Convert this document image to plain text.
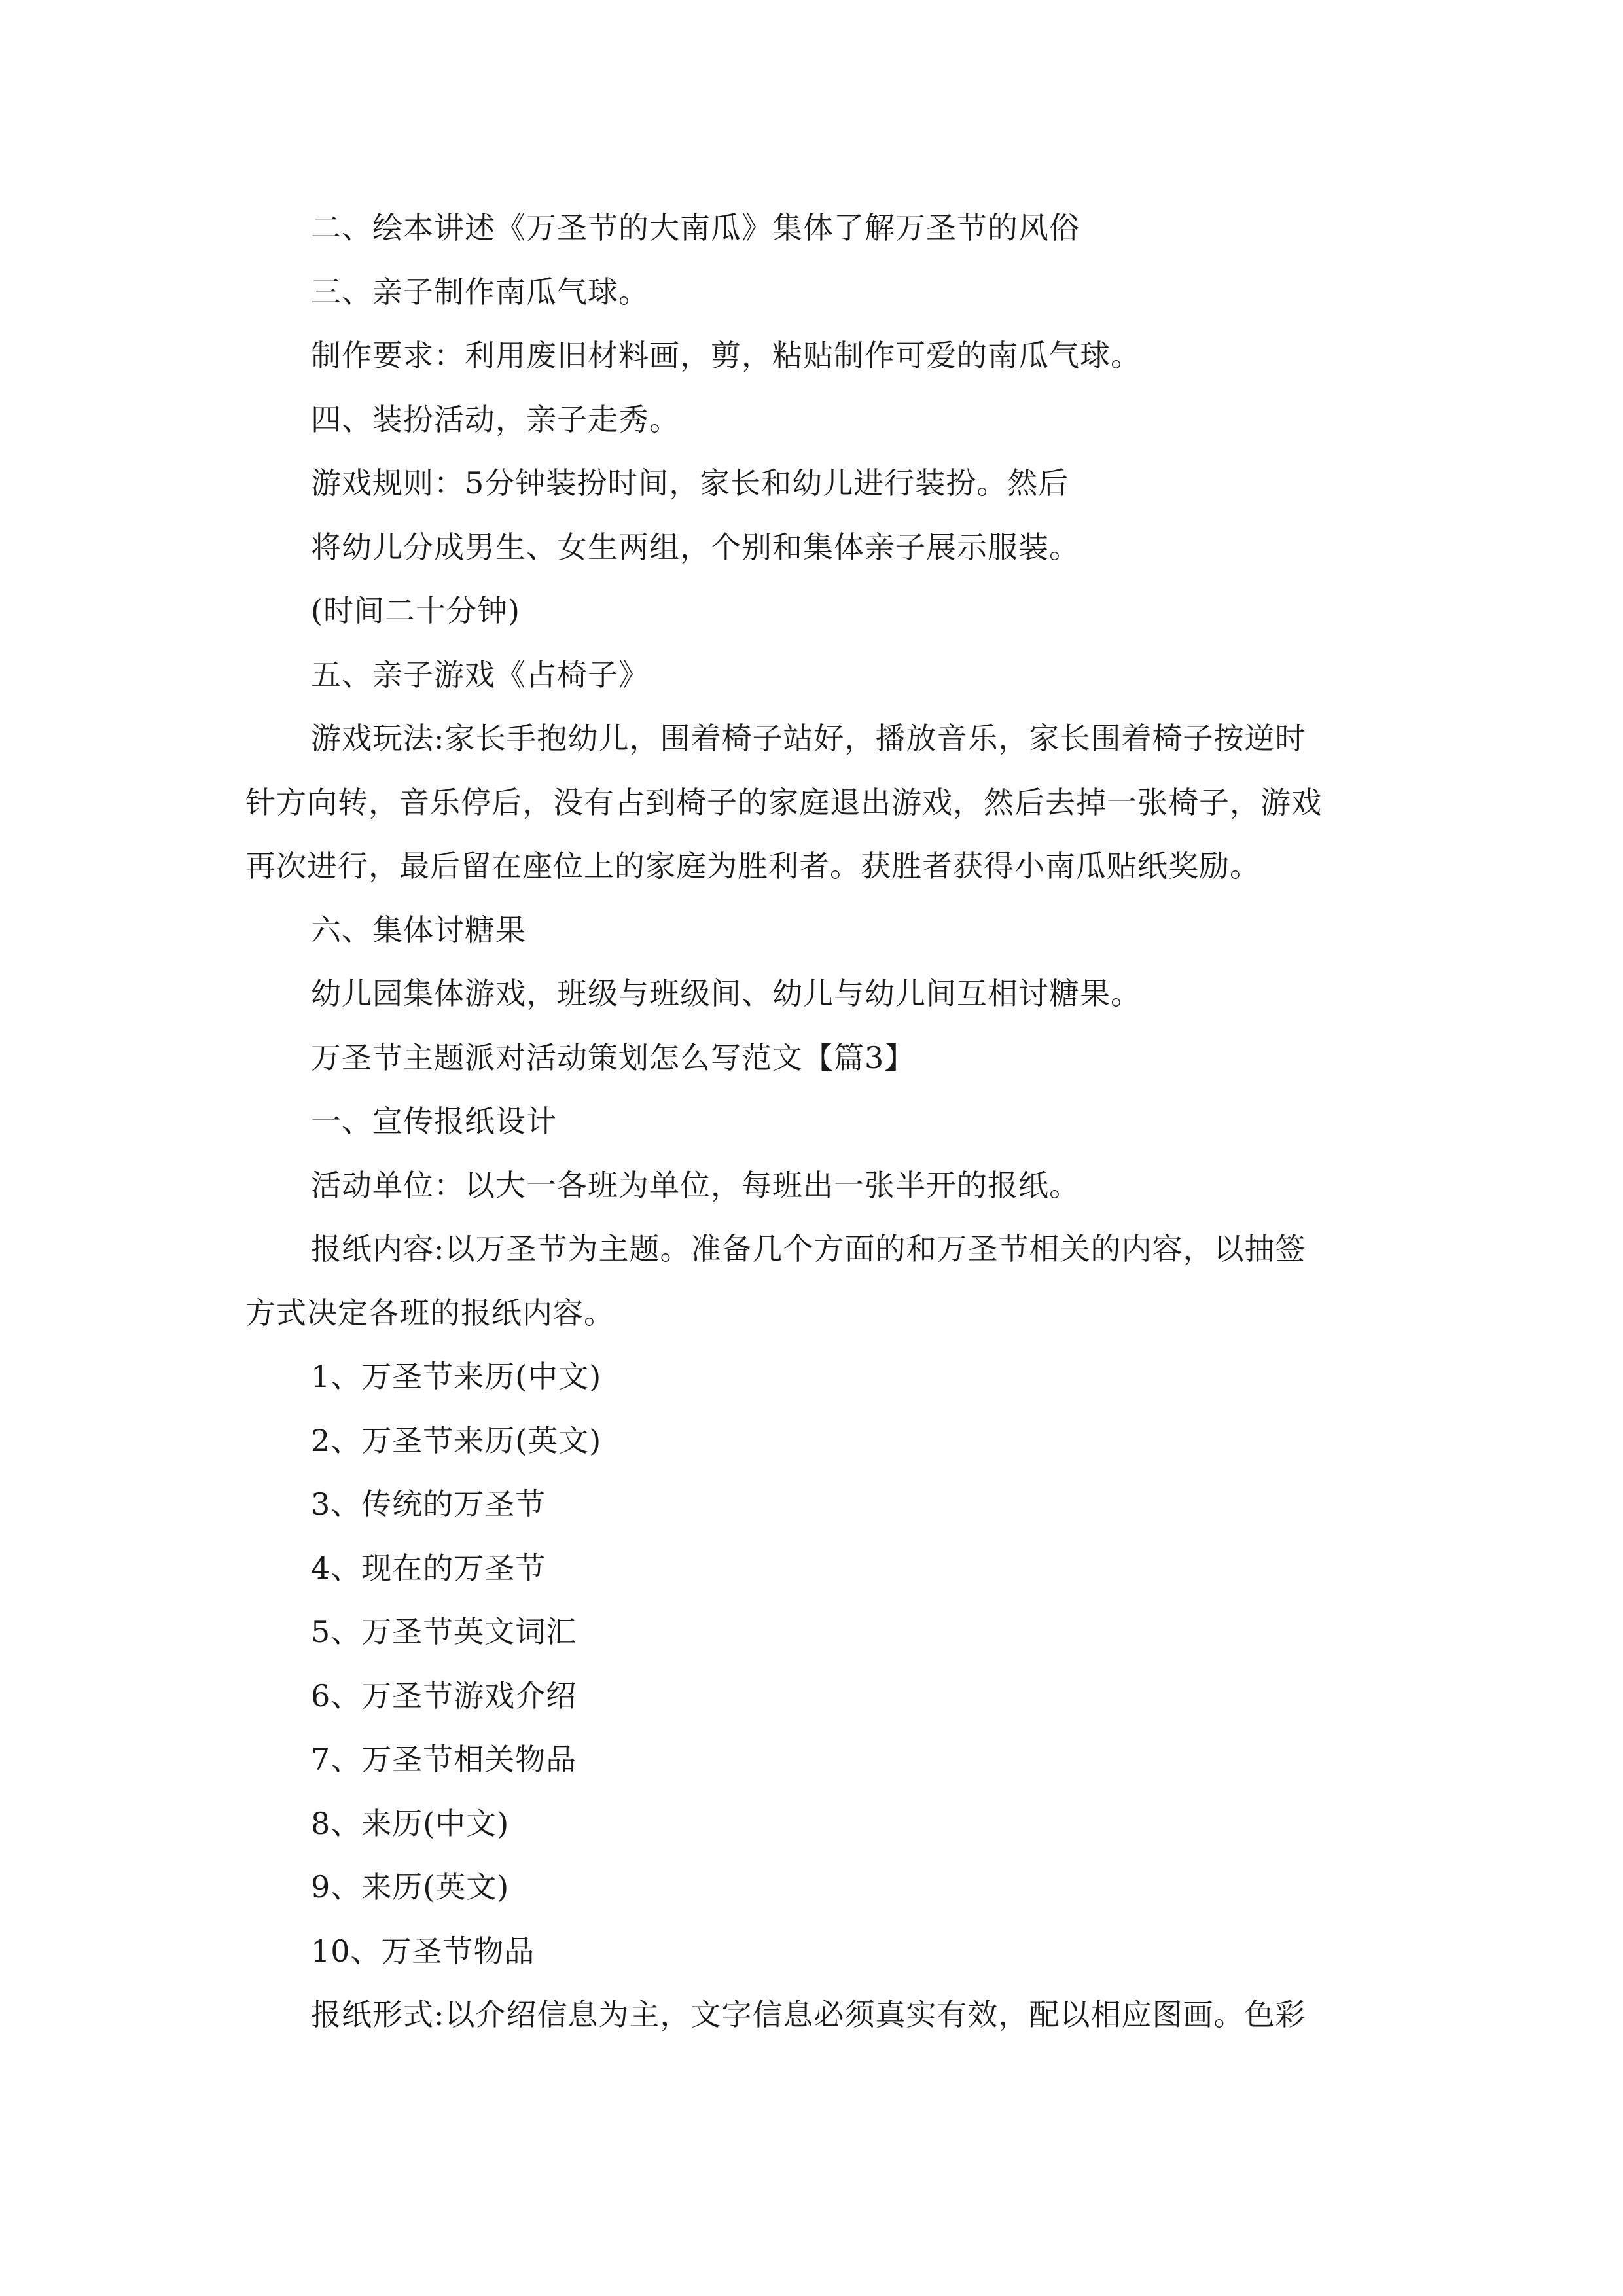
二、绘本讲述《万圣节的大南瓜》集体了解万圣节的风俗

三、亲子制作南瓜气球。

制作要求：利用废旧材料画，剪，粘贴制作可爱的南瓜气球。

四、装扮活动，亲子走秀。

游戏规则：5分钟装扮时间，家长和幼儿进行装扮。然后

将幼儿分成男生、女生两组，个别和集体亲子展示服装。

(时间二十分钟)

五、亲子游戏《占椅子》

游戏玩法:家长手抱幼儿，围着椅子站好，播放音乐，家长围着椅子按逆时

针方向转，音乐停后，没有占到椅子的家庭退出游戏，然后去掉一张椅子，游戏

再次进行，最后留在座位上的家庭为胜利者。获胜者获得小南瓜贴纸奖励。

六、集体讨糖果

幼儿园集体游戏，班级与班级间、幼儿与幼儿间互相讨糖果。

万圣节主题派对活动策划怎么写范文【篇3】

一、宣传报纸设计

活动单位：以大一各班为单位，每班出一张半开的报纸。

报纸内容:以万圣节为主题。准备几个方面的和万圣节相关的内容，以抽签

方式决定各班的报纸内容。

1、万圣节来历(中文)

2、万圣节来历(英文)

3、传统的万圣节

4、现在的万圣节

5、万圣节英文词汇

6、万圣节游戏介绍

7、万圣节相关物品

8、来历(中文)

9、来历(英文)

10、万圣节物品

报纸形式:以介绍信息为主，文字信息必须真实有效，配以相应图画。色彩
